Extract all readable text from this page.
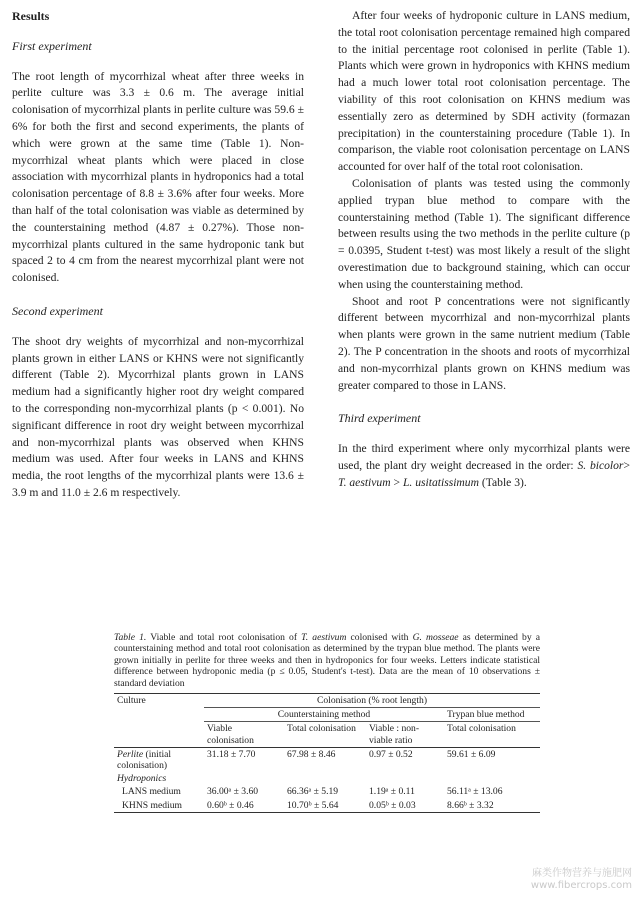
Results
First experiment
The root length of mycorrhizal wheat after three weeks in perlite culture was 3.3 ± 0.6 m. The average initial colonisation of mycorrhizal plants in perlite culture was 59.6 ± 6% for both the first and second experiments, the plants of which were grown at the same time (Table 1). Non-mycorrhizal wheat plants which were placed in close association with mycorrhizal plants in hydroponics had a total colonisation percentage of 8.8 ± 3.6% after four weeks. More than half of the total colonisation was viable as determined by the counterstaining method (4.87 ± 0.27%). Those non-mycorrhizal plants cultured in the same hydroponic tank but spaced 2 to 4 cm from the nearest mycorrhizal plant were not colonised.
Second experiment
The shoot dry weights of mycorrhizal and non-mycorrhizal plants grown in either LANS or KHNS were not significantly different (Table 2). Mycorrhizal plants grown in LANS medium had a significantly higher root dry weight compared to the corresponding non-mycorrhizal plants (p < 0.001). No significant difference in root dry weight between mycorrhizal and non-mycorrhizal plants was observed when KHNS medium was used. After four weeks in LANS and KHNS media, the root lengths of the mycorrhizal plants were 13.6 ± 3.9 m and 11.0 ± 2.6 m respectively.
After four weeks of hydroponic culture in LANS medium, the total root colonisation percentage remained high compared to the initial percentage root colonised in perlite (Table 1). Plants which were grown in hydroponics with KHNS medium had a much lower total root colonisation percentage. The viability of this root colonisation on KHNS medium was essentially zero as determined by SDH activity (formazan precipitation) in the counterstaining procedure (Table 1). In comparison, the viable root colonisation percentage on LANS accounted for over half of the total root colonisation.
Colonisation of plants was tested using the commonly applied trypan blue method to compare with the counterstaining method (Table 1). The significant difference between results using the two methods in the perlite culture (p = 0.0395, Student t-test) was most likely a result of the slight overestimation due to background staining, which can occur when using the counterstaining method.
Shoot and root P concentrations were not significantly different between mycorrhizal and non-mycorrhizal plants when plants were grown in the same nutrient medium (Table 2). The P concentration in the shoots and roots of mycorrhizal and non-mycorrhizal plants grown on KHNS medium was greater compared to those in LANS.
Third experiment
In the third experiment where only mycorrhizal plants were used, the plant dry weight decreased in the order: S. bicolor> T. aestivum > L. usitatissimum (Table 3).
Table 1. Viable and total root colonisation of T. aestivum colonised with G. mosseae as determined by a counterstaining method and total root colonisation as determined by the trypan blue method. The plants were grown initially in perlite for three weeks and then in hydroponics for four weeks. Letters indicate statistical difference between hydroponic media (p ≤ 0.05, Student's t-test). Data are the mean of 10 observations ± standard deviation
Culture	Colonisation (% root length)			
	Counterstaining method			Trypan blue method
	Viable colonisation	Total colonisation	Viable : non-viable ratio	Total colonisation
Perlite (initial colonisation)	31.18 ± 7.70	67.98 ± 8.46	0.97 ± 0.52	59.61 ± 6.09
Hydroponics				
LANS medium	36.00ᵃ ± 3.60	66.36ᵃ ± 5.19	1.19ᵃ ± 0.11	56.11ᵃ ± 13.06
KHNS medium	0.60ᵇ ± 0.46	10.70ᵇ ± 5.64	0.05ᵇ ± 0.03	8.66ᵇ ± 3.32
麻类作物营养与施肥网
www.fibercrops.com
